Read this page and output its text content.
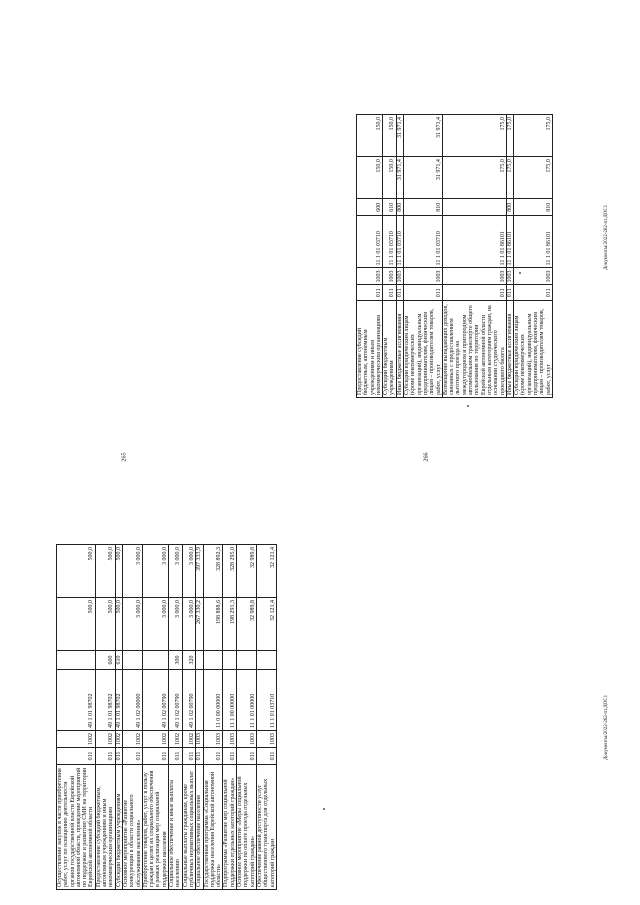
265	266
Документы/2022-262-пт.ДОС1
Документы/2022-262-пт.ДОС1
Осуществление закупок в части приобретения работ, услуг по освещению деятельности органов государственной власти Еврейской автономной области, проведение мероприятий по поддержке и развитию СМИ на территории Еврейской автономной области	011	1002	49 1 01 98702		500,0	500,0
Предоставление субсидий бюджетным, автономным учреждениям и иным некоммерческим организациям	011	1002	49 1 01 98702	600	500,0	500,0
Субсидии бюджетным учреждениям	011	1002	49 1 01 98702	610	500,0	500,0
Основное мероприятие «Развитие конкуренции в области социального обслуживания населения»	011	1002	49 1 02 00000		3 000,0	3 000,0
Приобретение товаров, работ, услуг в пользу граждан в целях их социального обеспечения в рамках реализации мер социальной поддержки населения	011	1002	49 1 02 00790		3 000,0	3 000,0
Социальное обеспечение и иные выплаты населению	011	1002	49 1 02 00790	300	3 000,0	3 000,0
Социальные выплаты гражданам, кроме публичных нормативных социальных выплат	011	1002	49 1 02 00790	320	3 000,0	3 000,0
Социальное обеспечение населения	011	1003			267 330,2	397 333,9
Государственная программа «Социальная поддержка населения Еврейской автономной области»	011	1003	11 0 00 00000		198 888,6	328 892,3
Подпрограмма «Развитие мер социальной поддержки отдельных категорий граждан»	011	1003	11 1 00 00000		198 291,3	328 295,0
Основное мероприятие «Меры социальной поддержки по оплате проезда отдельных категорий граждан»	011	1003	11 1 01 00000		32 989,8	32 989,8
Обеспечение равной доступности услуг общественного транспорта для отдельных категорий граждан	011	1003	11 1 01 03710		32 121,4	32 121,4
Предоставление субсидий бюджетным, автономным учреждениям и иным некоммерческим организациям	011	1003	11 1 01 03710	600	150,0	150,0
Субсидии бюджетным учреждениям	011	1003	11 1 01 03710	610	150,0	150,0
Иные бюджетные ассигнования	011	1003	11 1 01 03710	800	31 971,4	31 971,4
Субсидии юридическим лицам (кроме некоммерческих организаций), индивидуальным предпринимателям, физическим лицам – производителям товаров, работ, услуг	011	1003	11 1 01 03710	810	31 971,4	31 971,4
Возмещение выпадающих доходов, связанных с предоставлением льготного проезда на междугородном и пригородном автомобильном транспорте общего пользования по территории Еврейской автономной области отдельным категориям граждан, на основании студенческого проездного билета	011	1003	11 1 01 86101		175,0	175,0
Иные бюджетные ассигнования	011	1003	11 1 01 86101	800	175,0	175,0
Субсидии юридическим лицам (кроме некоммерческих организаций), индивидуальным предпринимателям, физическим лицам – производителям товаров, работ, услуг	011	1003	11 1 01 86101	810	175,0	175,0
